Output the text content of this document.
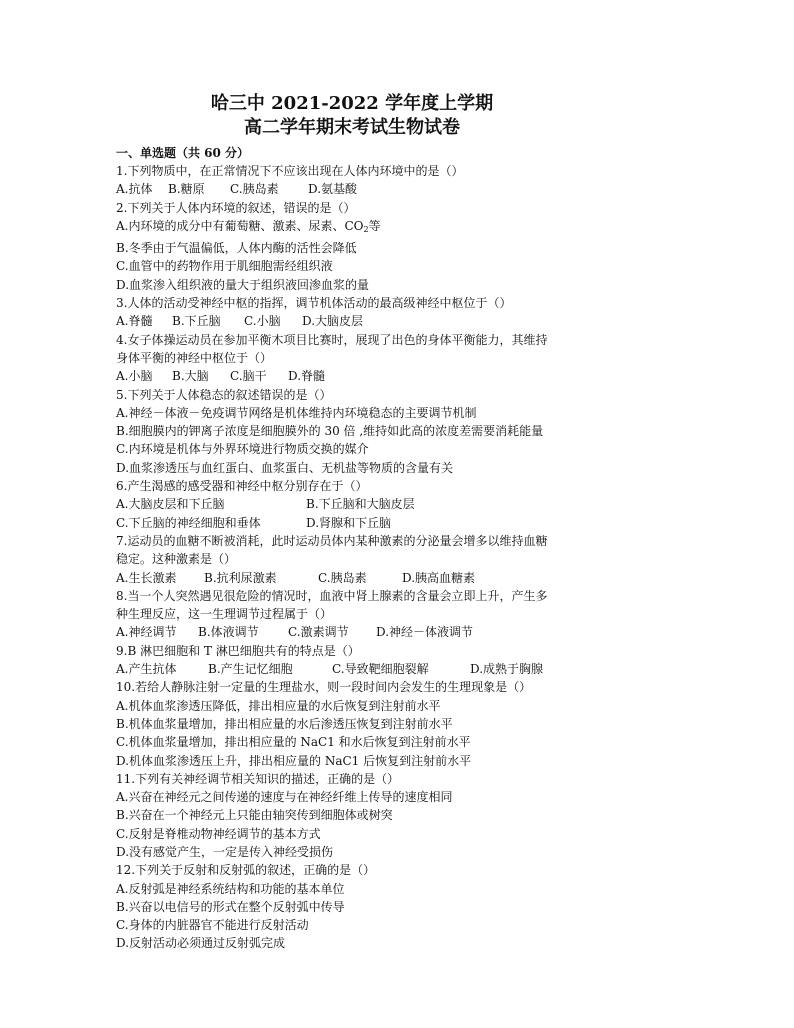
哈三中 2021-2022 学年度上学期
高二学年期末考试生物试卷
一、单选题（共 60 分）
1.下列物质中，在正常情况下不应该出现在人体内环境中的是（）
A.抗体 B.糖原 C.胰岛素 D.氨基酸
2.下列关于人体内环境的叙述，错误的是（）
A.内环境的成分中有葡萄糖、激素、尿素、$CO_2$等
B.冬季由于气温偏低，人体内酶的活性会降低
C.血管中的药物作用于肌细胞需经组织液
D.血浆渗入组织液的量大于组织液回渗血浆的量
3.人体的活动受神经中枢的指挥，调节机体活动的最高级神经中枢位于（）
A.脊髓 B.下丘脑 C.小脑 D.大脑皮层
4.女子体操运动员在参加平衡木项目比赛时，展现了出色的身体平衡能力，其维持
身体平衡的神经中枢位于（）
A.小脑 B.大脑 C.脑干 D.脊髓
5.下列关于人体稳态的叙述错误的是（）
A.神经－体液－免疫调节网络是机体维持内环境稳态的主要调节机制
B.细胞膜内的钾离子浓度是细胞膜外的 30 倍 ,维持如此高的浓度差需要消耗能量
C.内环境是机体与外界环境进行物质交换的媒介
D.血浆渗透压与血红蛋白、血浆蛋白、无机盐等物质的含量有关
6.产生渴感的感受器和神经中枢分别存在于（）
A.大脑皮层和下丘脑	B.下丘脑和大脑皮层
C.下丘脑的神经细胞和垂体	D.肾腺和下丘脑
7.运动员的血糖不断被消耗，此时运动员体内某种激素的分泌量会增多以维持血糖
稳定。这种激素是（）
A.生长激素 B.抗利尿激素	C.胰岛素	D.胰高血糖素
8.当一个人突然遇见很危险的情况时，血液中肾上腺素的含量会立即上升，产生多
种生理反应，这一生理调节过程属于（）
A.神经调节 B.体液调节 C.激素调节 D.神经－体液调节
9.B 淋巴细胞和 T 淋巴细胞共有的特点是（）
A.产生抗体	B.产生记忆细胞	C.导致靶细胞裂解	D.成熟于胸腺
10.若给人静脉注射一定量的生理盐水，则一段时间内会发生的生理现象是（）
A.机体血浆渗透压降低，排出相应量的水后恢复到注射前水平
B.机体血浆量增加，排出相应量的水后渗透压恢复到注射前水平
C.机体血浆量增加，排出相应量的 NaC1 和水后恢复到注射前水平
D.机体血浆渗透压上升，排出相应量的 NaC1 后恢复到注射前水平
11.下列有关神经调节相关知识的描述，正确的是（）
A.兴奋在神经元之间传递的速度与在神经纤维上传导的速度相同
B.兴奋在一个神经元上只能由轴突传到细胞体或树突
C.反射是脊椎动物神经调节的基本方式
D.没有感觉产生，一定是传入神经受损伤
12.下列关于反射和反射弧的叙述，正确的是（）
A.反射弧是神经系统结构和功能的基本单位
B.兴奋以电信号的形式在整个反射弧中传导
C.身体的内脏器官不能进行反射活动
D.反射活动必须通过反射弧完成
